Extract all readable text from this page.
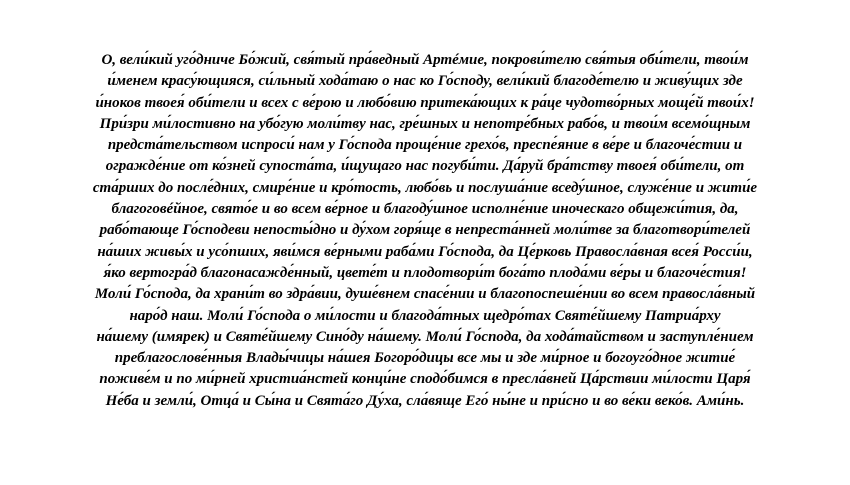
О, вели́кий уго́дниче Бо́жий, свя́тый пра́ведный Артéмие, покрови́телю свя́тыя оби́тели, твои́м
и́менем красу́ющияся, си́льный хода́таю о нас ко Го́споду, вели́кий благоде́телю и живу́щих зде
и́ноков твоея́ оби́тели и всех с ве́рою и любо́вию притека́ющих к ра́це чудотво́рных моще́й твои́х!
При́зри ми́лостивно на убо́гую моли́тву нас, гре́шных и непотре́бных рабо́в, и твои́м всемо́щным
предста́тельством испроси́ нам у Го́спода проще́ние грехо́в, преспе́яние в ве́ре и благоче́стии и
огражде́ние от ко́зней супоста́та, и́щущаго нас погуби́ти. Да́руй бра́тству твоея́ оби́тели, от
ста́рших до после́дних, смире́ние и кро́тость, любо́вь и послуша́ние вседу́шное, служе́ние и жити́е
благоговéйное, свято́е и во всем ве́рное и благоду́шное исполне́ние иноческаго общежи́тия, да,
рабо́тающе Го́сподеви непосты́дно и ду́хом горя́ще в непреста́нней моли́тве за благотвори́телей
на́ших живы́х и усо́пших, яви́мся ве́рными раба́ми Го́спода, да Це́рковь Правосла́вная всея́ Росси́и,
я́ко вертогра́д благонасажде́нный, цвете́т и плодотвори́т бога́то плода́ми ве́ры и благоче́стия!
Моли́ Го́спода, да храни́т во здра́вии, душе́внем спасе́нии и благопоспеше́нии во всем правосла́вный
наро́д наш. Моли́ Го́спода о ми́лости и благода́тных щедро́тах Святе́йшему Патриа́рху
на́шему (имярек) и Святе́йшему Сино́ду на́шему. Моли́ Го́спода, да хода́тайством и заступле́нием
преблагослове́нныя Влады́чицы на́шея Богоро́дицы все мы и зде ми́рное и богоуго́дное житие́
поживе́м и по ми́рней христиа́нстей конци́не сподо́бимся в пресла́вней Ца́рствии ми́лости Царя́
Не́ба и земли́, Отца́ и Сы́на и Свята́го Ду́ха, сла́вяще Его́ ны́не и при́сно и во ве́ки веко́в. Ами́нь.
